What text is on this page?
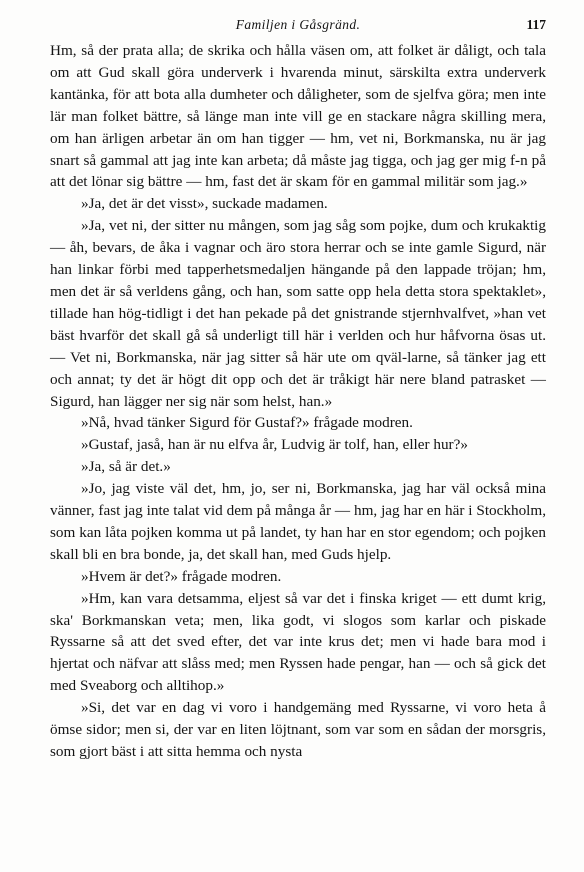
Familjen i Gåsgränd.	117

Hm, så der prata alla; de skrika och hålla väsen om, att folket är dåligt, och tala om att Gud skall göra underverk i hvarenda minut, särskilta extra underverk kantänka, för att bota alla dumheter och dåligheter, som de sjelfva göra; men inte lär man folket bättre, så länge man inte vill ge en stackare några skilling mera, om han ärligen arbetar än om han tigger — hm, vet ni, Borkmanska, nu är jag snart så gammal att jag inte kan arbeta; då måste jag tigga, och jag ger mig f-n på att det lönar sig bättre — hm, fast det är skam för en gammal militär som jag.»

»Ja, det är det visst», suckade madamen.

»Ja, vet ni, der sitter nu mången, som jag såg som pojke, dum och krukaktig — åh, bevars, de åka i vagnar och äro stora herrar och se inte gamle Sigurd, när han linkar förbi med tapperhetsmedaljen hängande på den lappade tröjan; hm, men det är så verldens gång, och han, som satte opp hela detta stora spektaklet», tillade han hög-tidligt i det han pekade på det gnistrande stjernhvalfvet, »han vet bäst hvarför det skall gå så underligt till här i verlden och hur håfvorna ösas ut. — Vet ni, Borkmanska, när jag sitter så här ute om qväl-larne, så tänker jag ett och annat; ty det är högt dit opp och det är tråkigt här nere bland patrasket — Sigurd, han lägger ner sig när som helst, han.»

»Nå, hvad tänker Sigurd för Gustaf?» frågade modren.

»Gustaf, jaså, han är nu elfva år, Ludvig är tolf, han, eller hur?»

»Ja, så är det.»

»Jo, jag viste väl det, hm, jo, ser ni, Borkmanska, jag har väl också mina vänner, fast jag inte talat vid dem på många år — hm, jag har en här i Stockholm, som kan låta pojken komma ut på landet, ty han har en stor egendom; och pojken skall bli en bra bonde, ja, det skall han, med Guds hjelp.

»Hvem är det?» frågade modren.

»Hm, kan vara detsamma, eljest så var det i finska kriget — ett dumt krig, ska' Borkmanskan veta; men, lika godt, vi slogos som karlar och piskade Ryssarne så att det sved efter, det var inte krus det; men vi hade bara mod i hjertat och näfvar att slåss med; men Ryssen hade pengar, han — och så gick det med Sveaborg och alltihop.»

»Si, det var en dag vi voro i handgemäng med Ryssarne, vi voro heta å ömse sidor; men si, der var en liten löjtnant, som var som en sådan der morsgris, som gjort bäst i att sitta hemma och nysta
